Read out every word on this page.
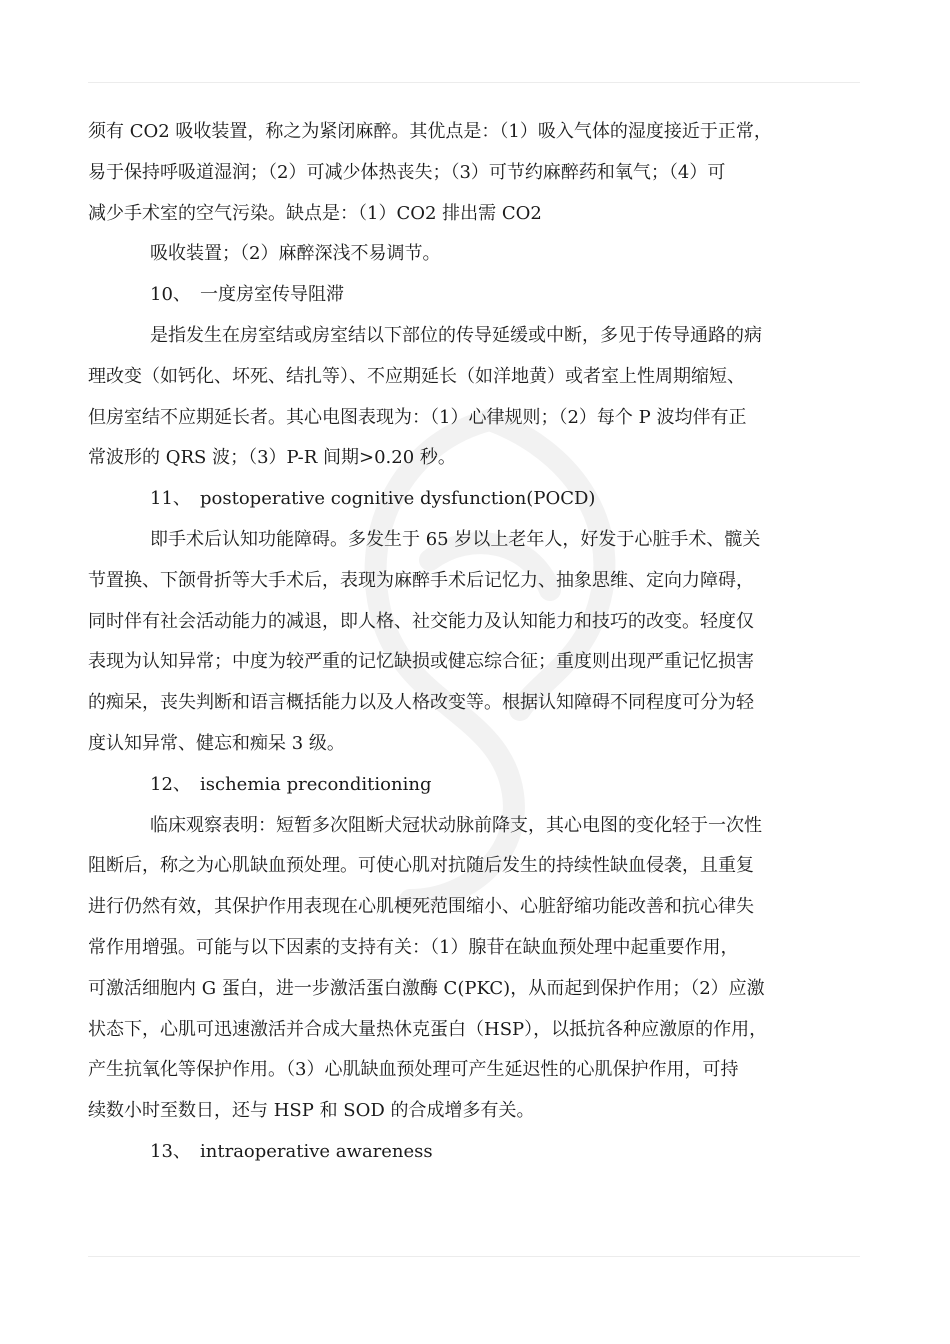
须有 CO2 吸收装置，称之为紧闭麻醉。其优点是：（1）吸入气体的湿度接近于正常，
易于保持呼吸道湿润；（2）可减少体热丧失；（3）可节约麻醉药和氧气；（4）可
减少手术室的空气污染。缺点是：（1）CO2 排出需 CO2
吸收装置；（2）麻醉深浅不易调节。
10、 一度房室传导阻滞
是指发生在房室结或房室结以下部位的传导延缓或中断，多见于传导通路的病
理改变（如钙化、坏死、结扎等）、不应期延长（如洋地黄）或者室上性周期缩短、
但房室结不应期延长者。其心电图表现为：（1）心律规则；（2）每个 P 波均伴有正
常波形的 QRS 波；（3）P-R 间期>0.20 秒。
11、 postoperative cognitive dysfunction(POCD)
即手术后认知功能障碍。多发生于 65 岁以上老年人，好发于心脏手术、髋关
节置换、下颌骨折等大手术后，表现为麻醉手术后记忆力、抽象思维、定向力障碍，
同时伴有社会活动能力的减退，即人格、社交能力及认知能力和技巧的改变。轻度仅
表现为认知异常；中度为较严重的记忆缺损或健忘综合征；重度则出现严重记忆损害
的痴呆，丧失判断和语言概括能力以及人格改变等。根据认知障碍不同程度可分为轻
度认知异常、健忘和痴呆 3 级。
12、 ischemia preconditioning
临床观察表明：短暂多次阻断犬冠状动脉前降支，其心电图的变化轻于一次性
阻断后，称之为心肌缺血预处理。可使心肌对抗随后发生的持续性缺血侵袭，且重复
进行仍然有效，其保护作用表现在心肌梗死范围缩小、心脏舒缩功能改善和抗心律失
常作用增强。可能与以下因素的支持有关：（1）腺苷在缺血预处理中起重要作用，
可激活细胞内 G 蛋白，进一步激活蛋白激酶 C(PKC)，从而起到保护作用；（2）应激
状态下，心肌可迅速激活并合成大量热休克蛋白（HSP），以抵抗各种应激原的作用，
产生抗氧化等保护作用。（3）心肌缺血预处理可产生延迟性的心肌保护作用，可持
续数小时至数日，还与 HSP 和 SOD 的合成增多有关。
13、 intraoperative awareness
